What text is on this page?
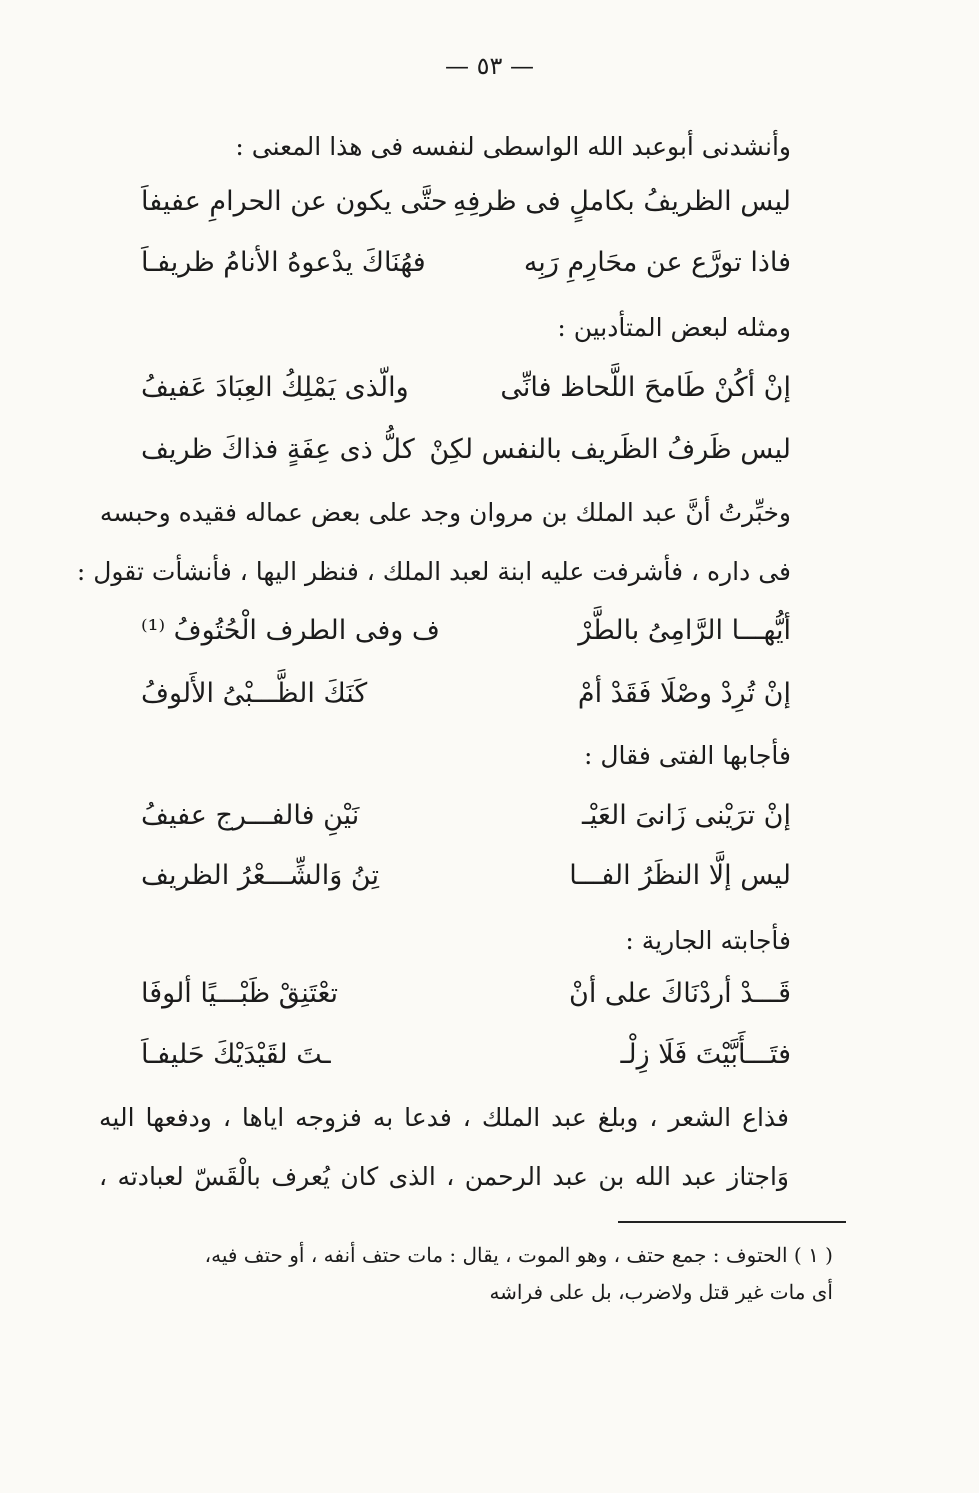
— ٥٣ —
وأنشدنى أبوعبد الله الواسطى لنفسه فى هذا المعنى :
ليس الظريفُ بكاملٍ فى ظرفِهِ
حتَّى يكون عن الحرامِ عفيفاَ
فاذا تورَّع عن محَارِمِ رَبِه
فهُنَاكَ يدْعوهُ الأنامُ ظريفـاَ
ومثله لبعض المتأدبين :
إنْ أكُنْ طَامحَ اللَّحاظ فانِّى
والّذى يَمْلِكُ العِبَادَ عَفيفُ
ليس ظَرفُ الظَريف بالنفس لكِنْ
كلُّ ذى عِفَةٍ فذاكَ ظريف
وخبِّرتُ أنَّ عبد الملك بن مروان وجد على بعض عماله فقيده وحبسه
فى داره ، فأشرفت عليه ابنة لعبد الملك ، فنظر اليها ، فأنشأت تقول :
أيُّهـــا الرَّامِىُ بالطَّرْ
ف وفى الطرف الْحُتُوفُ ⁽¹⁾
إنْ تُرِدْ وصْلَا فَقَدْ أمْ
كَنَكَ الظَّـــبْىُ الأَلوفُ
فأجابها الفتى فقال :
إنْ ترَيْنى زَانىَ العَيْـ
نَيْنِ فالفـــرج عفيفُ
ليس إلَّا النظَرُ الفـــا
تِنُ وَالشِّـــعْرُ الظريف
فأجابته الجارية :
قَـــدْ أردْنَاكَ على أنْ
تعْتَنِقْ ظَبْـــيًا ألوفَا
فتَـــأَبَّيْتَ فَلَا زِلْـ
ـتَ لقَيْدَيْكَ حَليفـاَ
فذاع الشعر ، وبلغ عبد الملك ، فدعا به فزوجه اياها ، ودفعها اليه
وَاجتاز عبد الله بن عبد الرحمن ، الذى كان يُعرف بالْقَسّ لعبادته ،
( ١ ) الحتوف : جمع حتف ، وهو الموت ، يقال : مات حتف أنفه ، أو حتف فيه،
أى مات غير قتل ولاضرب، بل على فراشه
